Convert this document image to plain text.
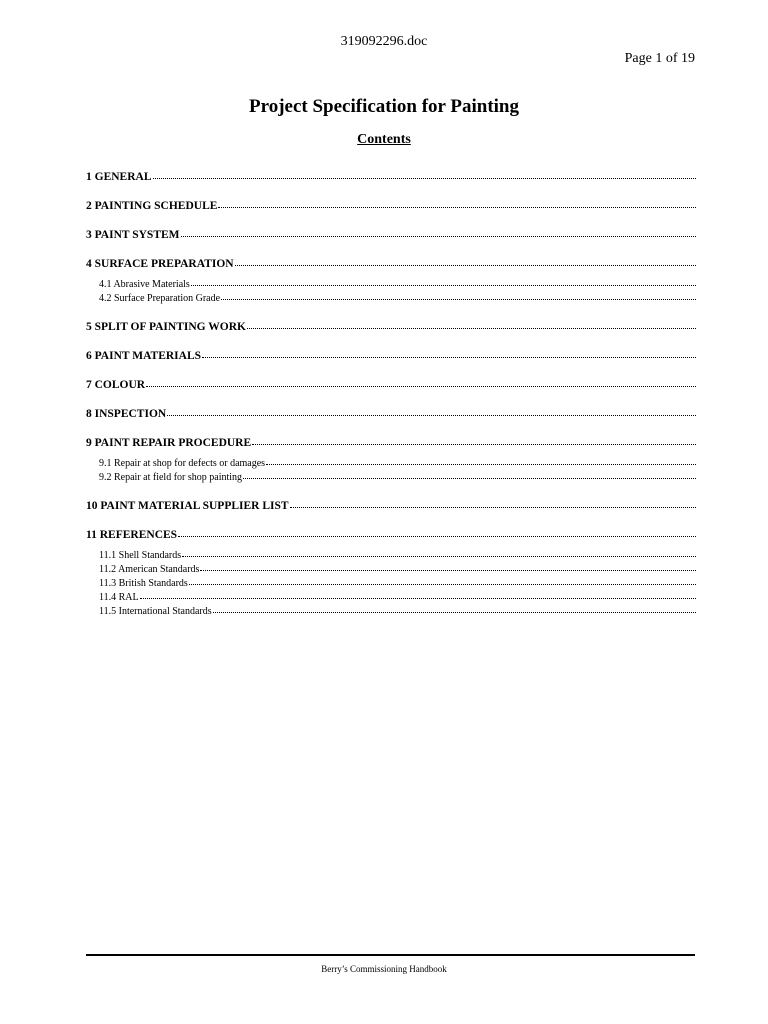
319092296.doc
Page 1 of 19
Project Specification for Painting
Contents
1 GENERAL
2 PAINTING SCHEDULE
3 PAINT SYSTEM
4 SURFACE PREPARATION
4.1 Abrasive Materials
4.2 Surface Preparation Grade
5 SPLIT OF PAINTING WORK
6 PAINT MATERIALS
7 COLOUR
8 INSPECTION
9 PAINT REPAIR PROCEDURE
9.1 Repair at shop for defects or damages
9.2 Repair at field for shop painting
10 PAINT MATERIAL SUPPLIER LIST
11 REFERENCES
11.1 Shell Standards
11.2 American Standards
11.3 British Standards
11.4 RAL
11.5 International Standards
Berry’s Commissioning Handbook
